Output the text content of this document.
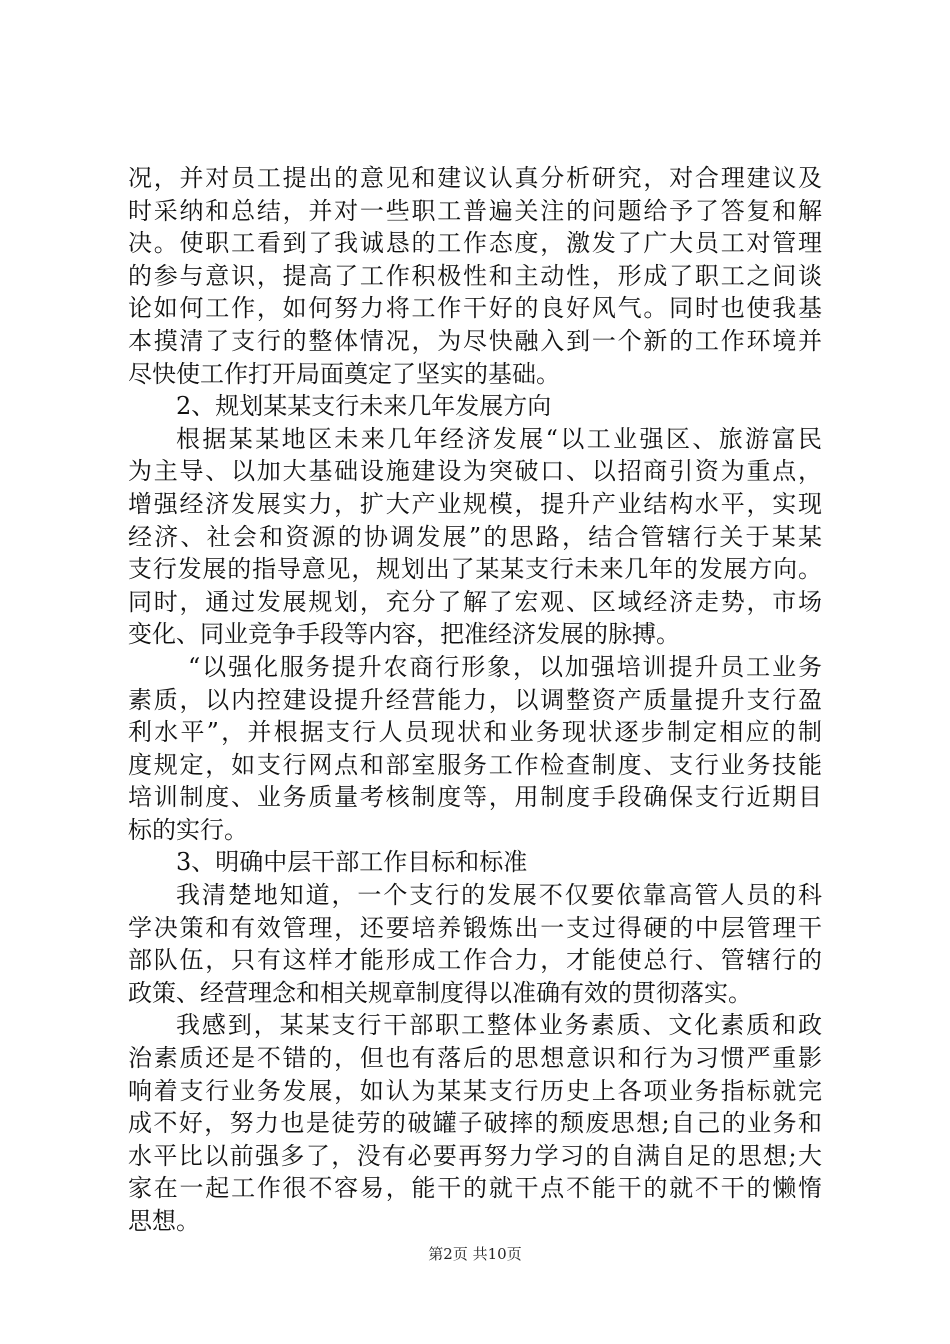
况，并对员工提出的意见和建议认真分析研究，对合理建议及
时采纳和总结，并对一些职工普遍关注的问题给予了答复和解
决。使职工看到了我诚恳的工作态度，激发了广大员工对管理
的参与意识，提高了工作积极性和主动性，形成了职工之间谈
论如何工作，如何努力将工作干好的良好风气。同时也使我基
本摸清了支行的整体情况，为尽快融入到一个新的工作环境并
尽快使工作打开局面奠定了坚实的基础。
2、规划某某支行未来几年发展方向
根据某某地区未来几年经济发展“以工业强区、旅游富民
为主导、以加大基础设施建设为突破口、以招商引资为重点，
增强经济发展实力，扩大产业规模，提升产业结构水平，实现
经济、社会和资源的协调发展”的思路，结合管辖行关于某某
支行发展的指导意见，规划出了某某支行未来几年的发展方向。
同时，通过发展规划，充分了解了宏观、区域经济走势，市场
变化、同业竞争手段等内容，把准经济发展的脉搏。
“以强化服务提升农商行形象，以加强培训提升员工业务
素质，以内控建设提升经营能力，以调整资产质量提升支行盈
利水平”，并根据支行人员现状和业务现状逐步制定相应的制
度规定，如支行网点和部室服务工作检查制度、支行业务技能
培训制度、业务质量考核制度等，用制度手段确保支行近期目
标的实行。
3、明确中层干部工作目标和标准
我清楚地知道，一个支行的发展不仅要依靠高管人员的科
学决策和有效管理，还要培养锻炼出一支过得硬的中层管理干
部队伍，只有这样才能形成工作合力，才能使总行、管辖行的
政策、经营理念和相关规章制度得以准确有效的贯彻落实。
我感到，某某支行干部职工整体业务素质、文化素质和政
治素质还是不错的，但也有落后的思想意识和行为习惯严重影
响着支行业务发展，如认为某某支行历史上各项业务指标就完
成不好，努力也是徒劳的破罐子破摔的颓废思想;自己的业务和
水平比以前强多了，没有必要再努力学习的自满自足的思想;大
家在一起工作很不容易，能干的就干点不能干的就不干的懒惰
思想。
第2页 共10页
